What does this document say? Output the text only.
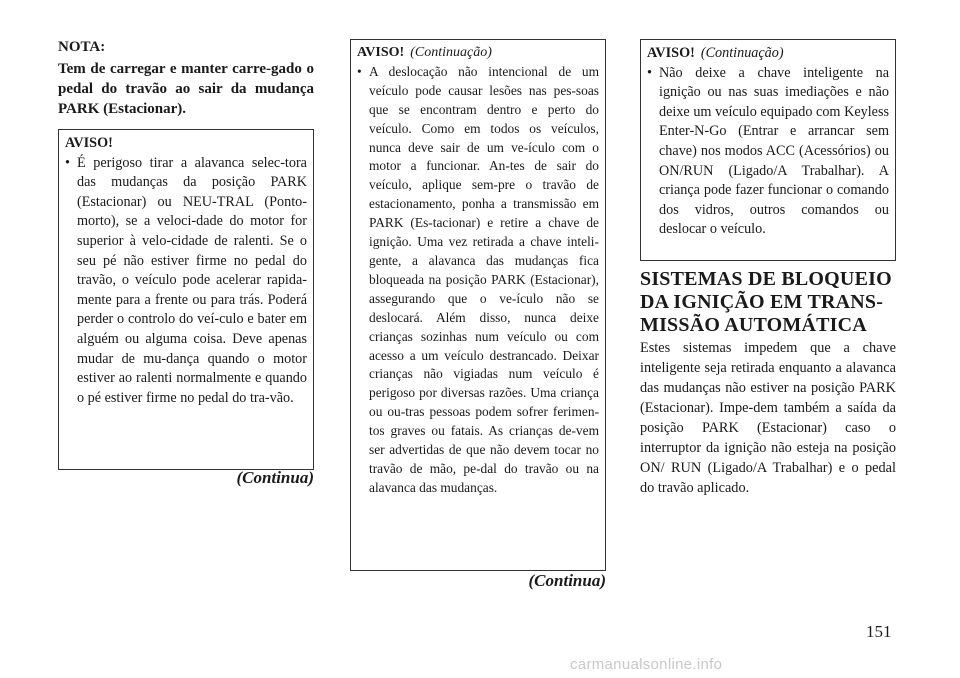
NOTA:
Tem de carregar e manter carre-gado o pedal do travão ao sair da mudança PARK (Estacionar).
AVISO!
• É perigoso tirar a alavanca selec-tora das mudanças da posição PARK (Estacionar) ou NEU-TRAL (Ponto-morto), se a veloci-dade do motor for superior à velo-cidade de ralenti. Se o seu pé não estiver firme no pedal do travão, o veículo pode acelerar rapida-mente para a frente ou para trás. Poderá perder o controlo do veí-culo e bater em alguém ou alguma coisa. Deve apenas mudar de mu-dança quando o motor estiver ao ralenti normalmente e quando o pé estiver firme no pedal do tra-vão.
(Continua)
AVISO! (Continuação)
• A deslocação não intencional de um veículo pode causar lesões nas pes-soas que se encontram dentro e perto do veículo. Como em todos os veículos, nunca deve sair de um ve-ículo com o motor a funcionar. An-tes de sair do veículo, aplique sem-pre o travão de estacionamento, ponha a transmissão em PARK (Es-tacionar) e retire a chave de ignição. Uma vez retirada a chave inteli-gente, a alavanca das mudanças fica bloqueada na posição PARK (Estacionar), assegurando que o ve-ículo não se deslocará. Além disso, nunca deixe crianças sozinhas num veículo ou com acesso a um veículo destrancado. Deixar crianças não vigiadas num veículo é perigoso por diversas razões. Uma criança ou ou-tras pessoas podem sofrer ferimen-tos graves ou fatais. As crianças de-vem ser advertidas de que não devem tocar no travão de mão, pe-dal do travão ou na alavanca das mudanças.
(Continua)
AVISO! (Continuação)
• Não deixe a chave inteligente na ignição ou nas suas imediações e não deixe um veículo equipado com Keyless Enter-N-Go (Entrar e arrancar sem chave) nos modos ACC (Acessórios) ou ON/RUN (Ligado/A Trabalhar). A criança pode fazer funcionar o comando dos vidros, outros comandos ou deslocar o veículo.
SISTEMAS DE BLOQUEIO DA IGNIÇÃO EM TRANS-MISSÃO AUTOMÁTICA
Estes sistemas impedem que a chave inteligente seja retirada enquanto a alavanca das mudanças não estiver na posição PARK (Estacionar). Impe-dem também a saída da posição PARK (Estacionar) caso o interruptor da ignição não esteja na posição ON/ RUN (Ligado/A Trabalhar) e o pedal do travão aplicado.
151
carmanualsonline.info
